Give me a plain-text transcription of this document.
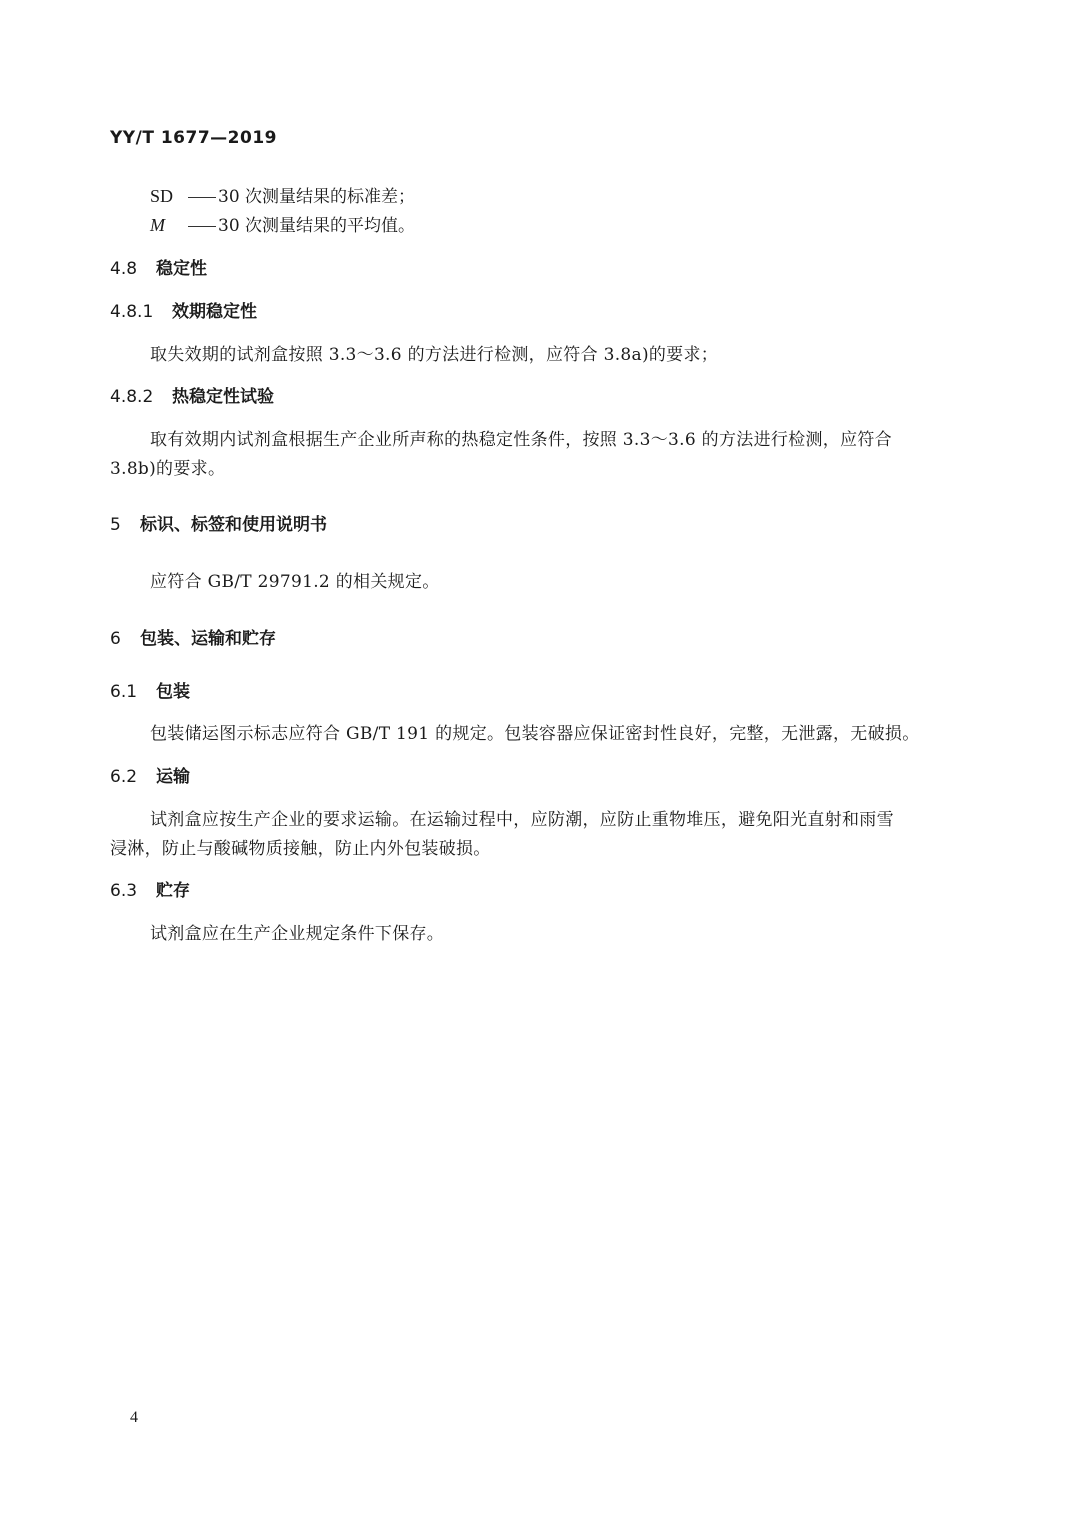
YY/T 1677—2019
SD	30 次测量结果的标准差；
M	30 次测量结果的平均值。
4.8 稳定性
4.8.1 效期稳定性
取失效期的试剂盒按照 3.3～3.6 的方法进行检测，应符合 3.8a)的要求；
4.8.2 热稳定性试验
取有效期内试剂盒根据生产企业所声称的热稳定性条件，按照 3.3～3.6 的方法进行检测，应符合
3.8b)的要求。
5 标识、标签和使用说明书
应符合 GB/T 29791.2 的相关规定。
6 包装、运输和贮存
6.1 包装
包装储运图示标志应符合 GB/T 191 的规定。包装容器应保证密封性良好，完整，无泄露，无破损。
6.2 运输
试剂盒应按生产企业的要求运输。在运输过程中，应防潮，应防止重物堆压，避免阳光直射和雨雪
浸淋，防止与酸碱物质接触，防止内外包装破损。
6.3 贮存
试剂盒应在生产企业规定条件下保存。
4
